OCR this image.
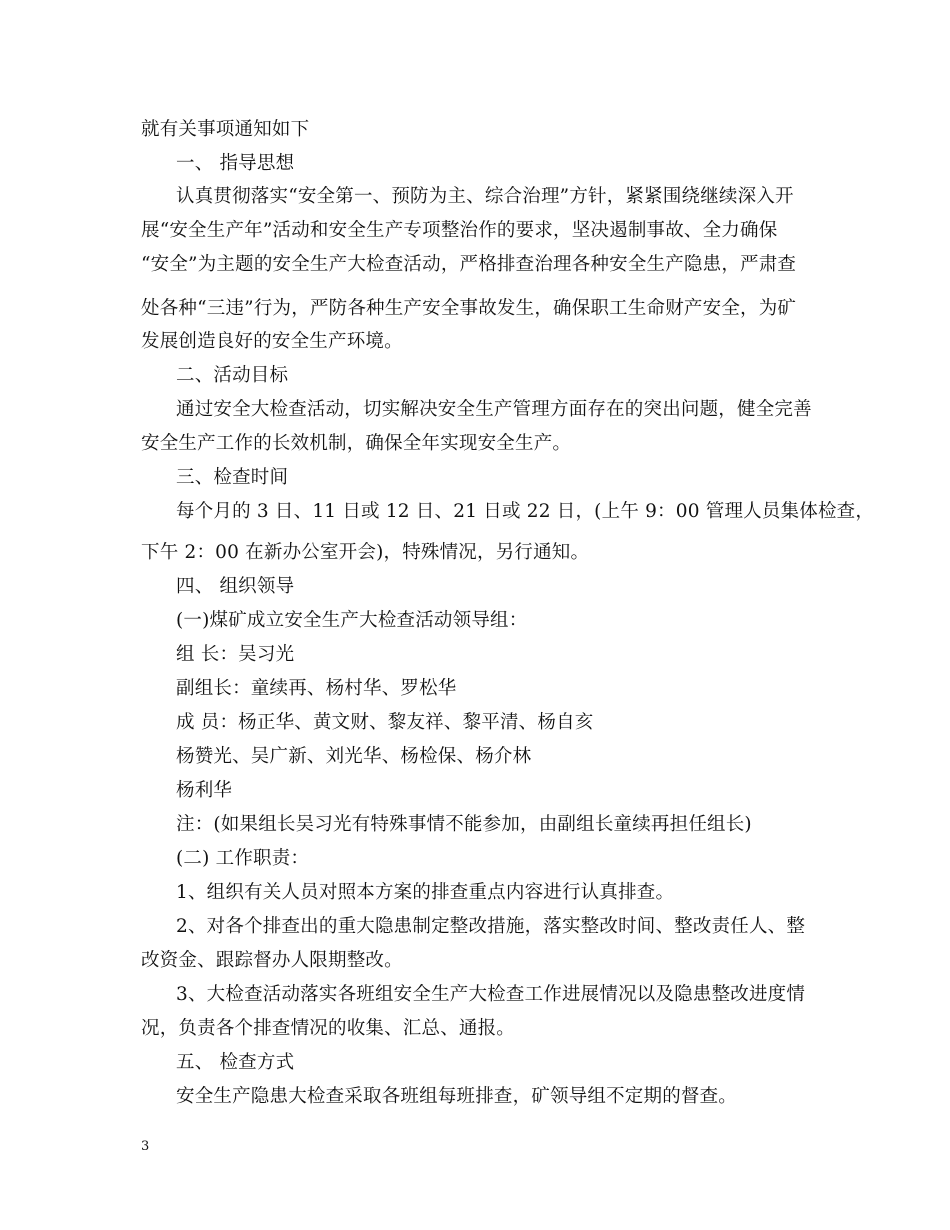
就有关事项通知如下
一、 指导思想
认真贯彻落实“安全第一、预防为主、综合治理”方针，紧紧围绕继续深入开
展“安全生产年”活动和安全生产专项整治作的要求，坚决遏制事故、全力确保
“安全”为主题的安全生产大检查活动，严格排查治理各种安全生产隐患，严肃查
处各种“三违”行为，严防各种生产安全事故发生，确保职工生命财产安全，为矿
发展创造良好的安全生产环境。
二、活动目标
通过安全大检查活动，切实解决安全生产管理方面存在的突出问题，健全完善
安全生产工作的长效机制，确保全年实现安全生产。
三、检查时间
每个月的 3 日、11 日或 12 日、21 日或 22 日，(上午 9：00 管理人员集体检查，
下午 2：00 在新办公室开会)，特殊情况，另行通知。
四、 组织领导
(一)煤矿成立安全生产大检查活动领导组：
组 长：吴习光
副组长：童续再、杨村华、罗松华
成 员：杨正华、黄文财、黎友祥、黎平清、杨自亥
杨赞光、吴广新、刘光华、杨检保、杨介林
杨利华
注：(如果组长吴习光有特殊事情不能参加，由副组长童续再担任组长)
(二) 工作职责：
1、组织有关人员对照本方案的排查重点内容进行认真排查。
2、对各个排查出的重大隐患制定整改措施，落实整改时间、整改责任人、整
改资金、跟踪督办人限期整改。
3、大检查活动落实各班组安全生产大检查工作进展情况以及隐患整改进度情
况，负责各个排查情况的收集、汇总、通报。
五、 检查方式
安全生产隐患大检查采取各班组每班排查，矿领导组不定期的督查。
3
